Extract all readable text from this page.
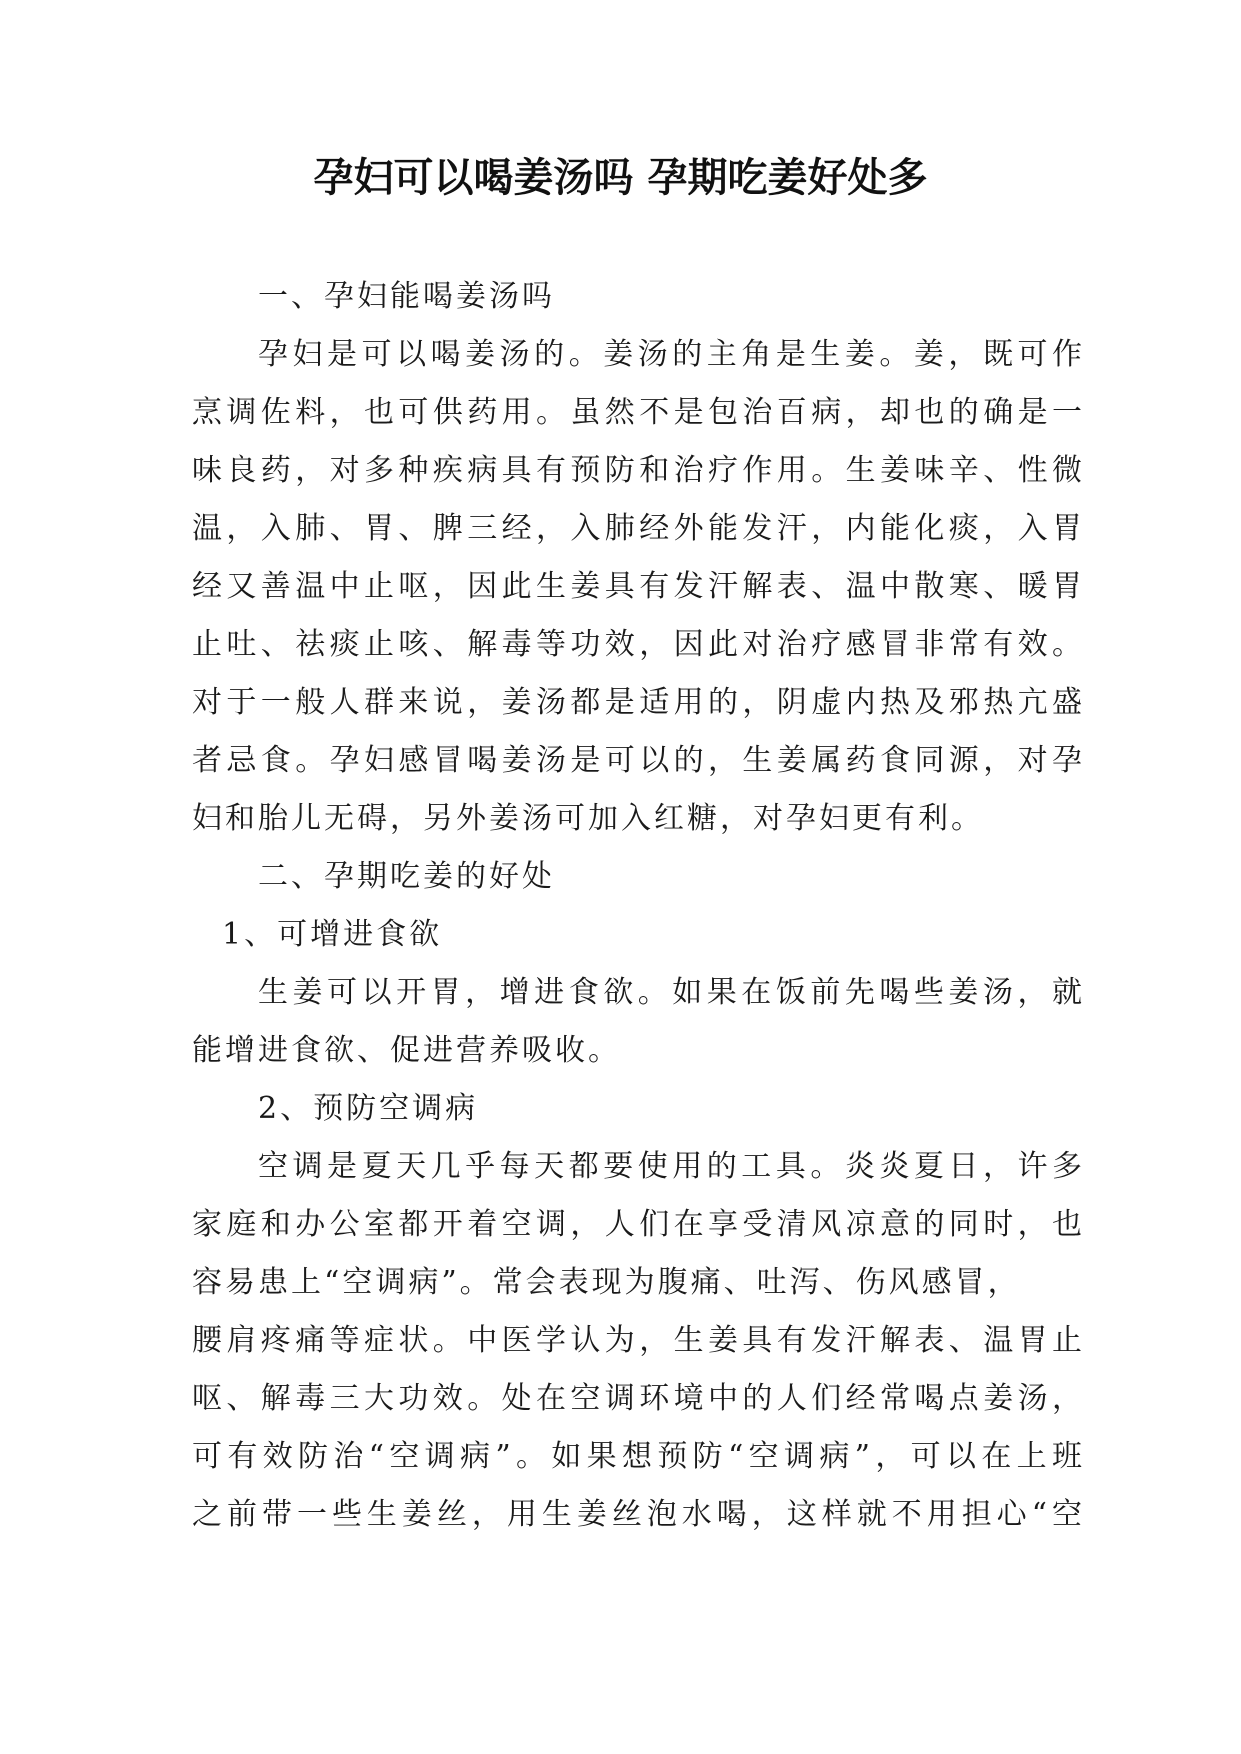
孕妇可以喝姜汤吗 孕期吃姜好处多
一、孕妇能喝姜汤吗
孕妇是可以喝姜汤的。姜汤的主角是生姜。姜，既可作
烹调佐料，也可供药用。虽然不是包治百病，却也的确是一
味良药，对多种疾病具有预防和治疗作用。生姜味辛、性微
温，入肺、胃、脾三经，入肺经外能发汗，内能化痰，入胃
经又善温中止呕，因此生姜具有发汗解表、温中散寒、暖胃
止吐、祛痰止咳、解毒等功效，因此对治疗感冒非常有效。
对于一般人群来说，姜汤都是适用的，阴虚内热及邪热亢盛
者忌食。孕妇感冒喝姜汤是可以的，生姜属药食同源，对孕
妇和胎儿无碍，另外姜汤可加入红糖，对孕妇更有利。
二、孕期吃姜的好处
1、可增进食欲
生姜可以开胃，增进食欲。如果在饭前先喝些姜汤，就
能增进食欲、促进营养吸收。
2、预防空调病
空调是夏天几乎每天都要使用的工具。炎炎夏日，许多
家庭和办公室都开着空调，人们在享受清风凉意的同时，也
容易患上“空调病”。常会表现为腹痛、吐泻、伤风感冒，
腰肩疼痛等症状。中医学认为，生姜具有发汗解表、温胃止
呕、解毒三大功效。处在空调环境中的人们经常喝点姜汤，
可有效防治“空调病”。如果想预防“空调病”，可以在上班
之前带一些生姜丝，用生姜丝泡水喝，这样就不用担心“空
